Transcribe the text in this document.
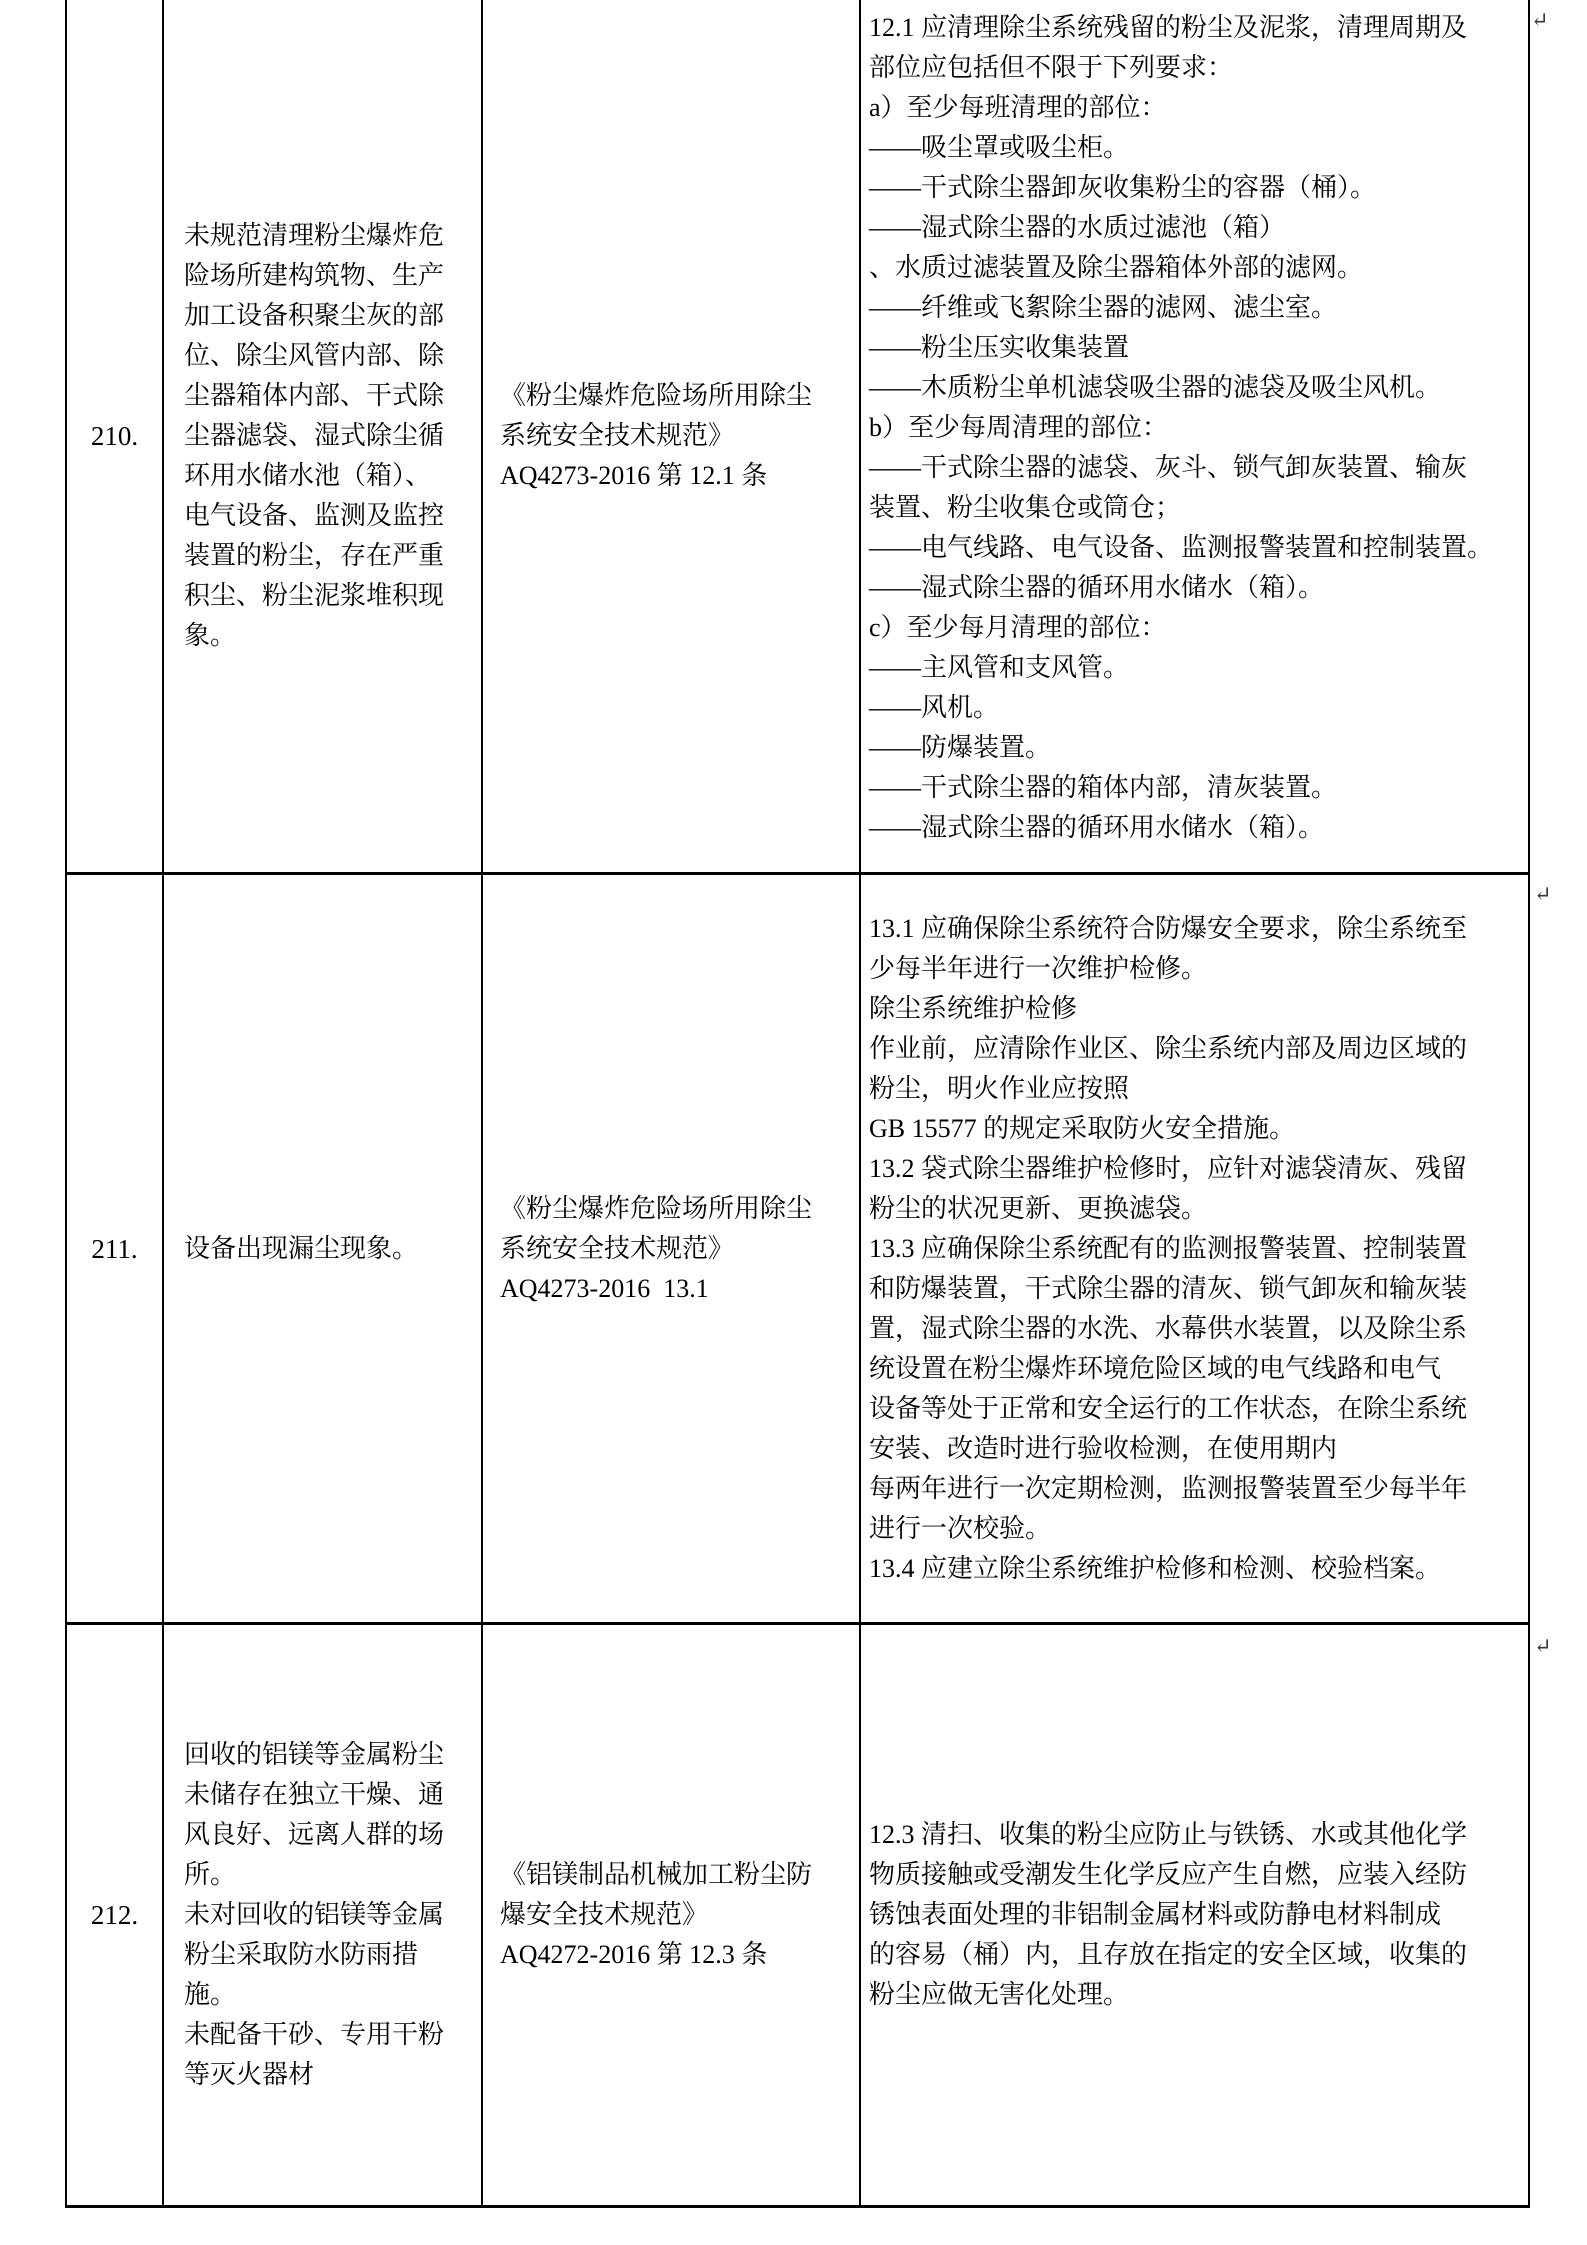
210.
未规范清理粉尘爆炸危
险场所建构筑物、生产
加工设备积聚尘灰的部
位、除尘风管内部、除
尘器箱体内部、干式除
尘器滤袋、湿式除尘循
环用水储水池（箱）、
电气设备、监测及监控
装置的粉尘，存在严重
积尘、粉尘泥浆堆积现
象。
《粉尘爆炸危险场所用除尘
系统安全技术规范》
AQ4273-2016 第 12.1 条
12.1 应清理除尘系统残留的粉尘及泥浆，清理周期及
部位应包括但不限于下列要求：
a）至少每班清理的部位：
——吸尘罩或吸尘柜。
——干式除尘器卸灰收集粉尘的容器（桶）。
——湿式除尘器的水质过滤池（箱）
、水质过滤装置及除尘器箱体外部的滤网。
——纤维或飞絮除尘器的滤网、滤尘室。
——粉尘压实收集装置
——木质粉尘单机滤袋吸尘器的滤袋及吸尘风机。
b）至少每周清理的部位：
——干式除尘器的滤袋、灰斗、锁气卸灰装置、输灰
装置、粉尘收集仓或筒仓；
——电气线路、电气设备、监测报警装置和控制装置。
——湿式除尘器的循环用水储水（箱）。
c）至少每月清理的部位：
——主风管和支风管。
——风机。
——防爆装置。
——干式除尘器的箱体内部，清灰装置。
——湿式除尘器的循环用水储水（箱）。
211. 设备出现漏尘现象。
《粉尘爆炸危险场所用除尘
系统安全技术规范》
AQ4273-2016  13.1
13.1 应确保除尘系统符合防爆安全要求，除尘系统至
少每半年进行一次维护检修。
除尘系统维护检修
作业前，应清除作业区、除尘系统内部及周边区域的
粉尘，明火作业应按照
GB 15577 的规定采取防火安全措施。
13.2 袋式除尘器维护检修时，应针对滤袋清灰、残留
粉尘的状况更新、更换滤袋。
13.3 应确保除尘系统配有的监测报警装置、控制装置
和防爆装置，干式除尘器的清灰、锁气卸灰和输灰装
置，湿式除尘器的水洗、水幕供水装置，以及除尘系
统设置在粉尘爆炸环境危险区域的电气线路和电气
设备等处于正常和安全运行的工作状态，在除尘系统
安装、改造时进行验收检测，在使用期内
每两年进行一次定期检测，监测报警装置至少每半年
进行一次校验。
13.4 应建立除尘系统维护检修和检测、校验档案。
212.
回收的铝镁等金属粉尘
未储存在独立干燥、通
风良好、远离人群的场
所。
未对回收的铝镁等金属
粉尘采取防水防雨措
施。
未配备干砂、专用干粉
等灭火器材
《铝镁制品机械加工粉尘防
爆安全技术规范》
AQ4272-2016 第 12.3 条
12.3 清扫、收集的粉尘应防止与铁锈、水或其他化学
物质接触或受潮发生化学反应产生自燃，应装入经防
锈蚀表面处理的非铝制金属材料或防静电材料制成
的容易（桶）内，且存放在指定的安全区域，收集的
粉尘应做无害化处理。
↵
↵
↵
